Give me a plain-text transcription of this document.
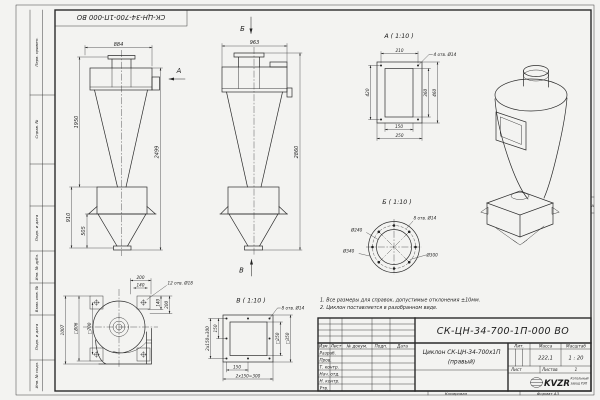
Перв. примен.
Справ. №
Подп. и дата
Инв. № дубл.
Взам. инв. №
Подп. и дата
Инв. № подл.
А
СК-ЦН-34-700-1П-000 ВО
884
1950
910
505
2499
А
963
2860
Б
В
А ( 1:10 )
4 отв. Ø14
210
420	360 460
150
250
Б ( 1:10 )
Ø240
Ø340
Ø300
8 отв. Ø14
1007 □806 □700
200
140	12 отв. Ø18
140 200	В ( 1:10 )
8 отв. Ø14
2x150=300 150
□250 □350
150
2x150=300
1. Все размеры для справок, допустимые отклонения ±10мм.
2. Циклон поставляется в разобранном виде.
Изм. Лист № докум. Подп. Дата
Разраб.
Пров.
Т. контр.
Нач. отд.
Н. контр.
Утв.
СК-ЦН-34-700-1П-000 ВО
Циклон СК-ЦН-34-700x1П
(правый)
Лит.	Масса	Масштаб
222,1	1 : 20
Лист	Листов	1
KVZR
Котельный
завод РЭП
Копировал	Формат А3
